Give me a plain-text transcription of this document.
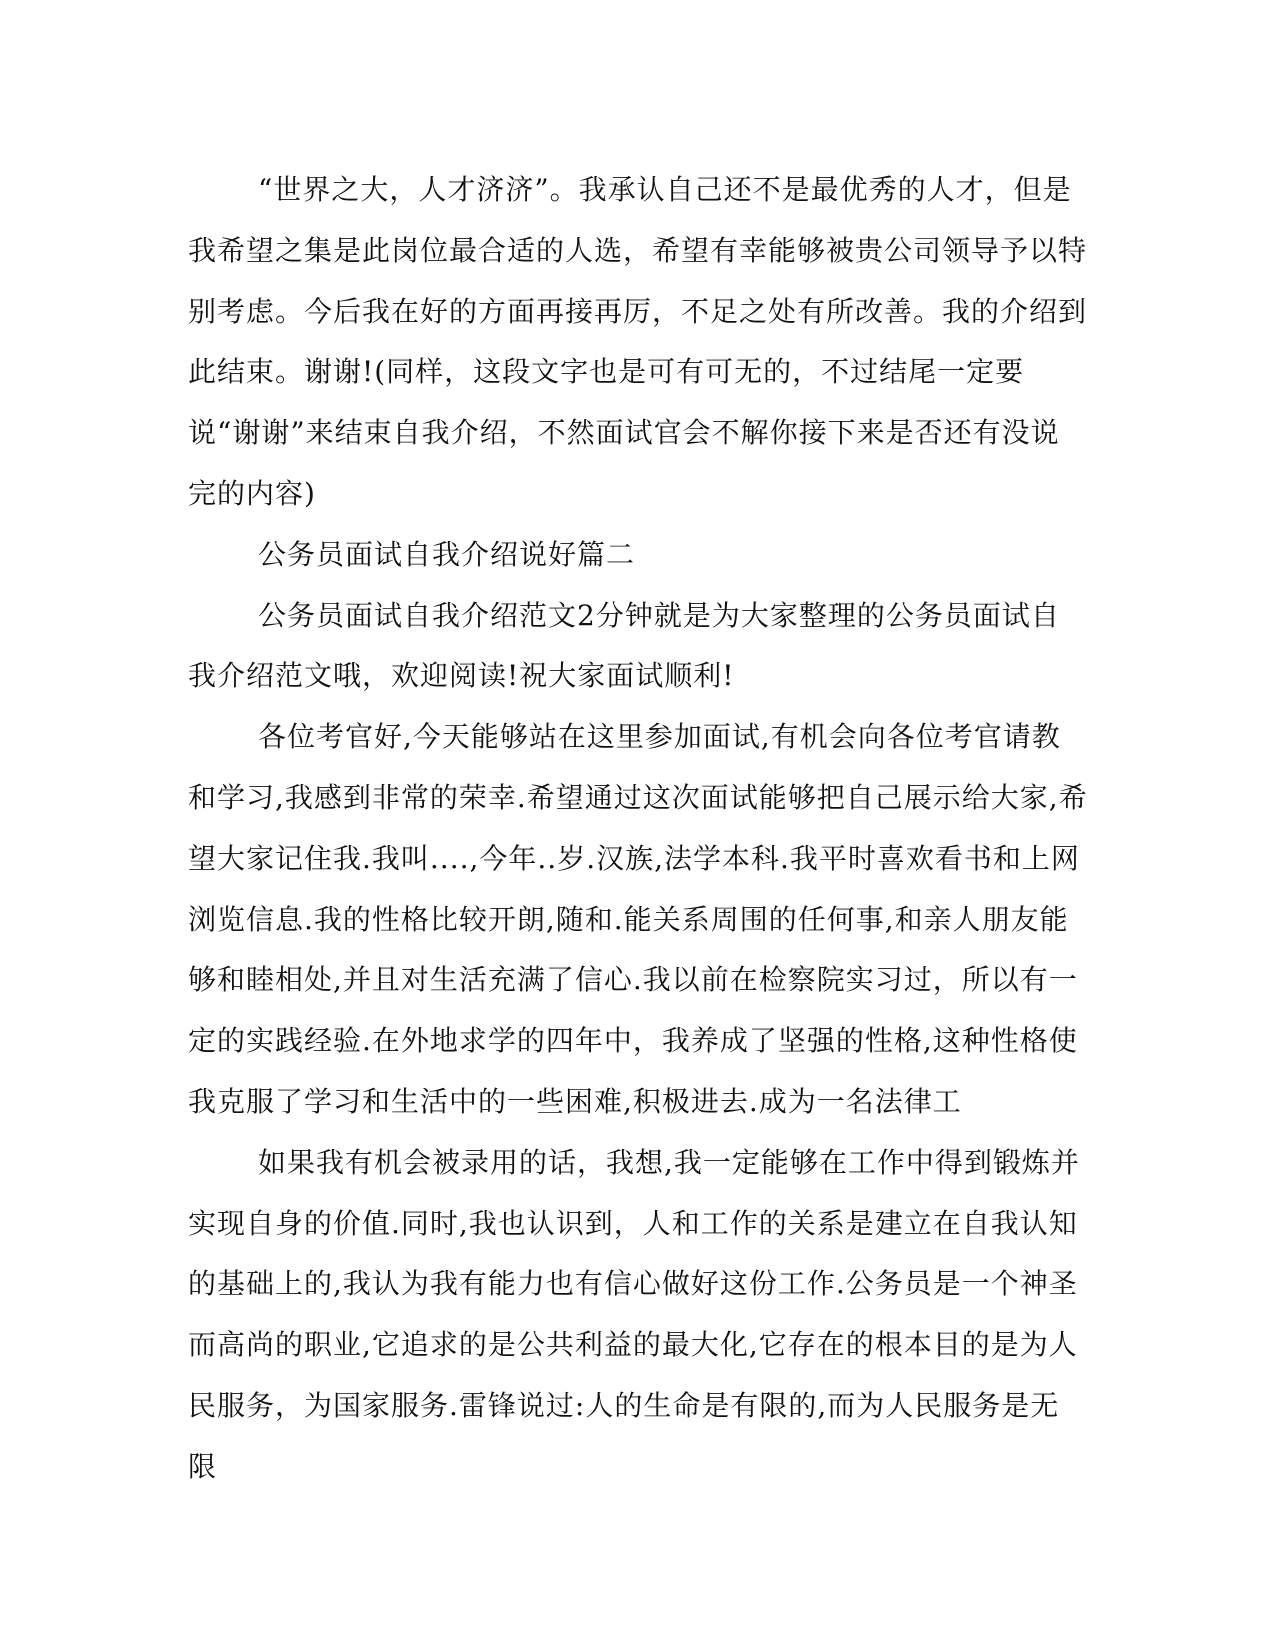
“世界之大，人才济济”。我承认自己还不是最优秀的人才，但是我希望之集是此岗位最合适的人选，希望有幸能够被贵公司领导予以特别考虑。今后我在好的方面再接再厉，不足之处有所改善。我的介绍到此结束。谢谢!(同样，这段文字也是可有可无的，不过结尾一定要说“谢谢”来结束自我介绍，不然面试官会不解你接下来是否还有没说完的内容)

公务员面试自我介绍说好篇二

公务员面试自我介绍范文2分钟就是为大家整理的公务员面试自我介绍范文哦，欢迎阅读!祝大家面试顺利!

各位考官好,今天能够站在这里参加面试,有机会向各位考官请教和学习,我感到非常的荣幸.希望通过这次面试能够把自己展示给大家,希望大家记住我.我叫....,今年..岁.汉族,法学本科.我平时喜欢看书和上网浏览信息.我的性格比较开朗,随和.能关系周围的任何事,和亲人朋友能够和睦相处,并且对生活充满了信心.我以前在检察院实习过，所以有一定的实践经验.在外地求学的四年中，我养成了坚强的性格,这种性格使我克服了学习和生活中的一些困难,积极进去.成为一名法律工

如果我有机会被录用的话，我想,我一定能够在工作中得到锻炼并实现自身的价值.同时,我也认识到，人和工作的关系是建立在自我认知的基础上的,我认为我有能力也有信心做好这份工作.公务员是一个神圣而高尚的职业,它追求的是公共利益的最大化,它存在的根本目的是为人民服务，为国家服务.雷锋说过:人的生命是有限的,而为人民服务是无限
